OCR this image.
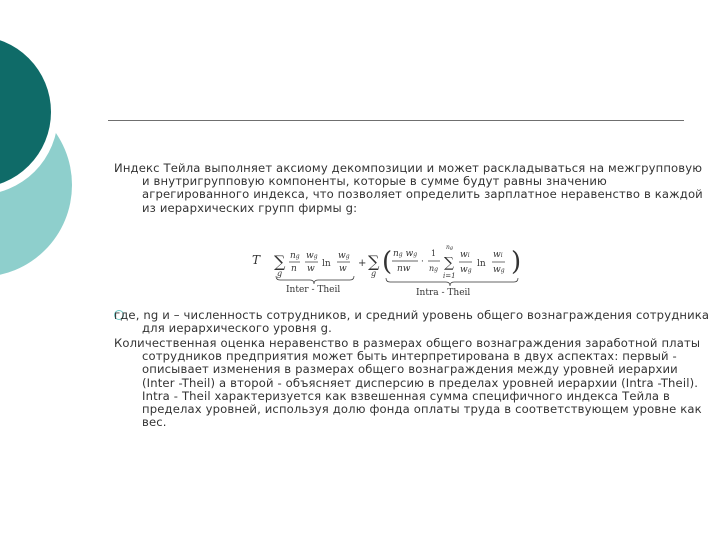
Индекс Тейла выполняет аксиому декомпозиции и может раскладываться на межгрупповую и внутригрупповую компоненты, которые в сумме будут равны значению агрегированного индекса, что позволяет определить зарплатное неравенство в каждой из иерархических групп фирмы g:
T ∑
g
ng
n
wg
w ln
wg
w
Inter - Theil
+ ∑
g ( ng wg
nw
·
1
ng ∑
ng
i=1
wi
wg
ln
wi
wg )
Intra - Theil
где, ng и – численность сотрудников, и средний уровень общего вознаграждения сотрудника для иерархического уровня g.
Количественная оценка неравенство в размерах общего вознаграждения заработной платы сотрудников предприятия может быть интерпретирована в двух аспектах: первый - описывает изменения в размерах общего вознаграждения между уровней иерархии (Inter -Theil) а второй - объясняет дисперсию в пределах уровней иерархии (Intra -Theil). Intra - Theil характеризуется как взвешенная сумма специфичного индекса Тейла в пределах уровней, используя долю фонда оплаты труда в соответствующем уровне как вес.
